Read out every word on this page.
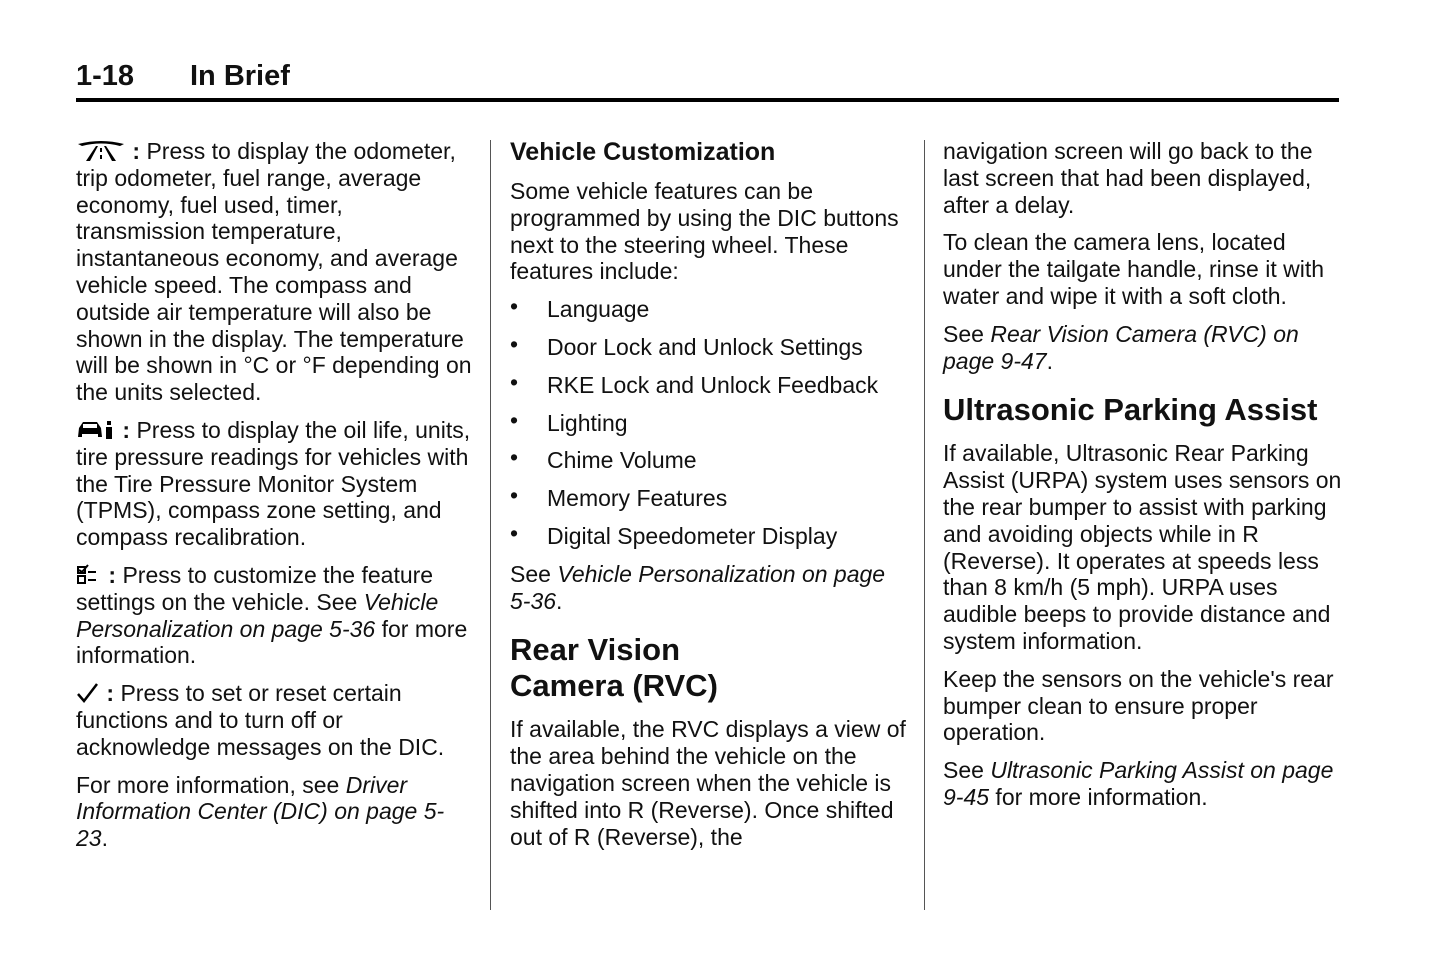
1-18 In Brief

: Press to display the odometer, trip odometer, fuel range, average economy, fuel used, timer, transmission temperature, instantaneous economy, and average vehicle speed. The compass and outside air temperature will also be shown in the display. The temperature will be shown in °C or °F depending on the units selected.

: Press to display the oil life, units, tire pressure readings for vehicles with the Tire Pressure Monitor System (TPMS), compass zone setting, and compass recalibration.

: Press to customize the feature settings on the vehicle. See Vehicle Personalization on page 5-36 for more information.

: Press to set or reset certain functions and to turn off or acknowledge messages on the DIC.

For more information, see Driver Information Center (DIC) on page 5-23.

Vehicle Customization

Some vehicle features can be programmed by using the DIC buttons next to the steering wheel. These features include:

• Language
• Door Lock and Unlock Settings
• RKE Lock and Unlock Feedback
• Lighting
• Chime Volume
• Memory Features
• Digital Speedometer Display

See Vehicle Personalization on page 5-36.

Rear Vision Camera (RVC)

If available, the RVC displays a view of the area behind the vehicle on the navigation screen when the vehicle is shifted into R (Reverse). Once shifted out of R (Reverse), the

navigation screen will go back to the last screen that had been displayed, after a delay.

To clean the camera lens, located under the tailgate handle, rinse it with water and wipe it with a soft cloth.

See Rear Vision Camera (RVC) on page 9-47.

Ultrasonic Parking Assist

If available, Ultrasonic Rear Parking Assist (URPA) system uses sensors on the rear bumper to assist with parking and avoiding objects while in R (Reverse). It operates at speeds less than 8 km/h (5 mph). URPA uses audible beeps to provide distance and system information.

Keep the sensors on the vehicle's rear bumper clean to ensure proper operation.

See Ultrasonic Parking Assist on page 9-45 for more information.
